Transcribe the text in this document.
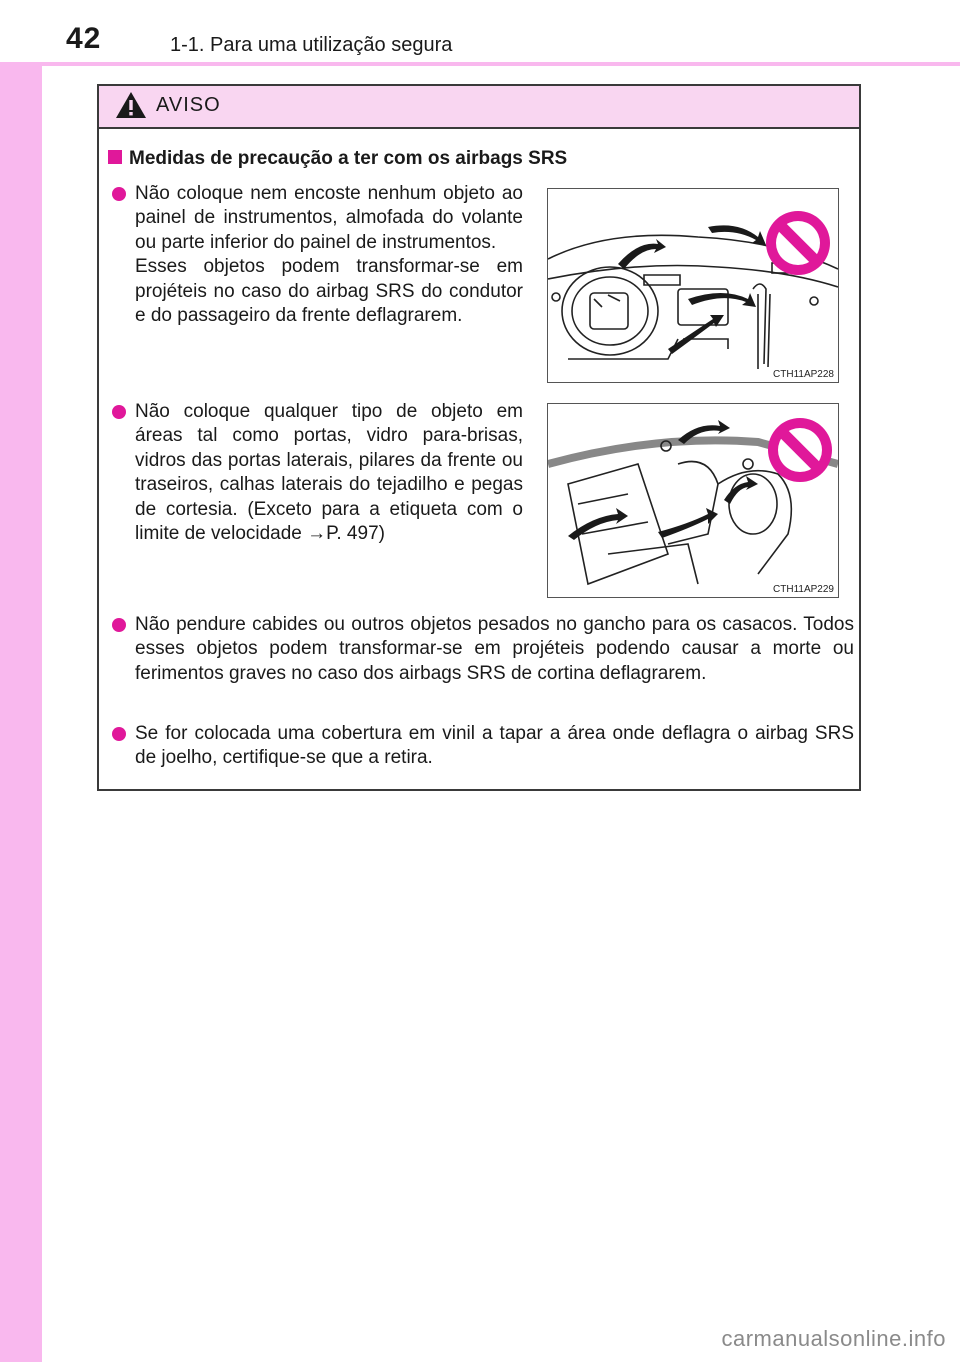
42	1-1. Para uma utilização segura
AVISO
Medidas de precaução a ter com os airbags SRS

Não coloque nem encoste nenhum objeto ao painel de instrumentos, almofada do volante ou parte inferior do painel de instrumentos.

Esses objetos podem transformar-se em projéteis no caso do airbag SRS do condutor e do passageiro da frente deflagrarem.

CTH11AP228

Não coloque qualquer tipo de objeto em áreas tal como portas, vidro para-brisas, vidros das portas laterais, pilares da frente ou traseiros, calhas laterais do tejadilho e pegas de cortesia. (Exceto para a etiqueta com o limite de velocidade →P. 497)

CTH11AP229

Não pendure cabides ou outros objetos pesados no gancho para os casacos. Todos esses objetos podem transformar-se em projéteis podendo causar a morte ou ferimentos graves no caso dos airbags SRS de cortina deflagrarem.

Se for colocada uma cobertura em vinil a tapar a área onde deflagra o airbag SRS de joelho, certifique-se que a retira.

carmanualsonline.info
